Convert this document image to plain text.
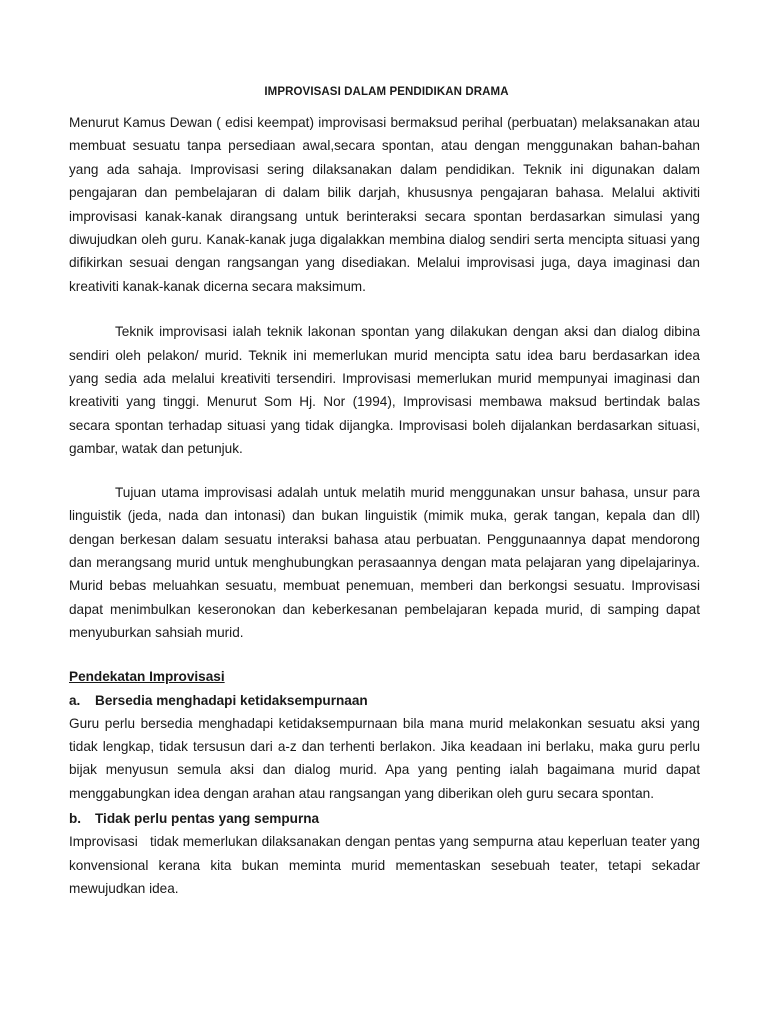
IMPROVISASI DALAM PENDIDIKAN DRAMA

Menurut Kamus Dewan ( edisi keempat) improvisasi bermaksud perihal (perbuatan) melaksanakan atau membuat sesuatu tanpa persediaan awal,secara spontan, atau dengan menggunakan bahan-bahan yang ada sahaja. Improvisasi sering dilaksanakan dalam pendidikan. Teknik ini digunakan dalam pengajaran dan pembelajaran di dalam bilik darjah, khususnya pengajaran bahasa. Melalui aktiviti improvisasi kanak-kanak dirangsang untuk berinteraksi secara spontan berdasarkan simulasi yang diwujudkan oleh guru. Kanak-kanak juga digalakkan membina dialog sendiri serta mencipta situasi yang difikirkan sesuai dengan rangsangan yang disediakan. Melalui improvisasi juga, daya imaginasi dan kreativiti kanak-kanak dicerna secara maksimum.

Teknik improvisasi ialah teknik lakonan spontan yang dilakukan dengan aksi dan dialog dibina sendiri oleh pelakon/ murid. Teknik ini memerlukan murid mencipta satu idea baru berdasarkan idea yang sedia ada melalui kreativiti tersendiri. Improvisasi memerlukan murid mempunyai imaginasi dan kreativiti yang tinggi. Menurut Som Hj. Nor (1994), Improvisasi membawa maksud bertindak balas secara spontan terhadap situasi yang tidak dijangka. Improvisasi boleh dijalankan berdasarkan situasi, gambar, watak dan petunjuk.

Tujuan utama improvisasi adalah untuk melatih murid menggunakan unsur bahasa, unsur para linguistik (jeda, nada dan intonasi) dan bukan linguistik (mimik muka, gerak tangan, kepala dan dll) dengan berkesan dalam sesuatu interaksi bahasa atau perbuatan. Penggunaannya dapat mendorong dan merangsang murid untuk menghubungkan perasaannya dengan mata pelajaran yang dipelajarinya. Murid bebas meluahkan sesuatu, membuat penemuan, memberi dan berkongsi sesuatu. Improvisasi dapat menimbulkan keseronokan dan keberkesanan pembelajaran kepada murid, di samping dapat menyuburkan sahsiah murid.

Pendekatan Improvisasi
a. Bersedia menghadapi ketidaksempurnaan

Guru perlu bersedia menghadapi ketidaksempurnaan bila mana murid melakonkan sesuatu aksi yang tidak lengkap, tidak tersusun dari a-z dan terhenti berlakon. Jika keadaan ini berlaku, maka guru perlu bijak menyusun semula aksi dan dialog murid. Apa yang penting ialah bagaimana murid dapat menggabungkan idea dengan arahan atau rangsangan yang diberikan oleh guru secara spontan.

b. Tidak perlu pentas yang sempurna

Improvisasi   tidak memerlukan dilaksanakan dengan pentas yang sempurna atau keperluan teater yang konvensional kerana kita bukan meminta murid mementaskan sesebuah teater, tetapi sekadar mewujudkan idea.
